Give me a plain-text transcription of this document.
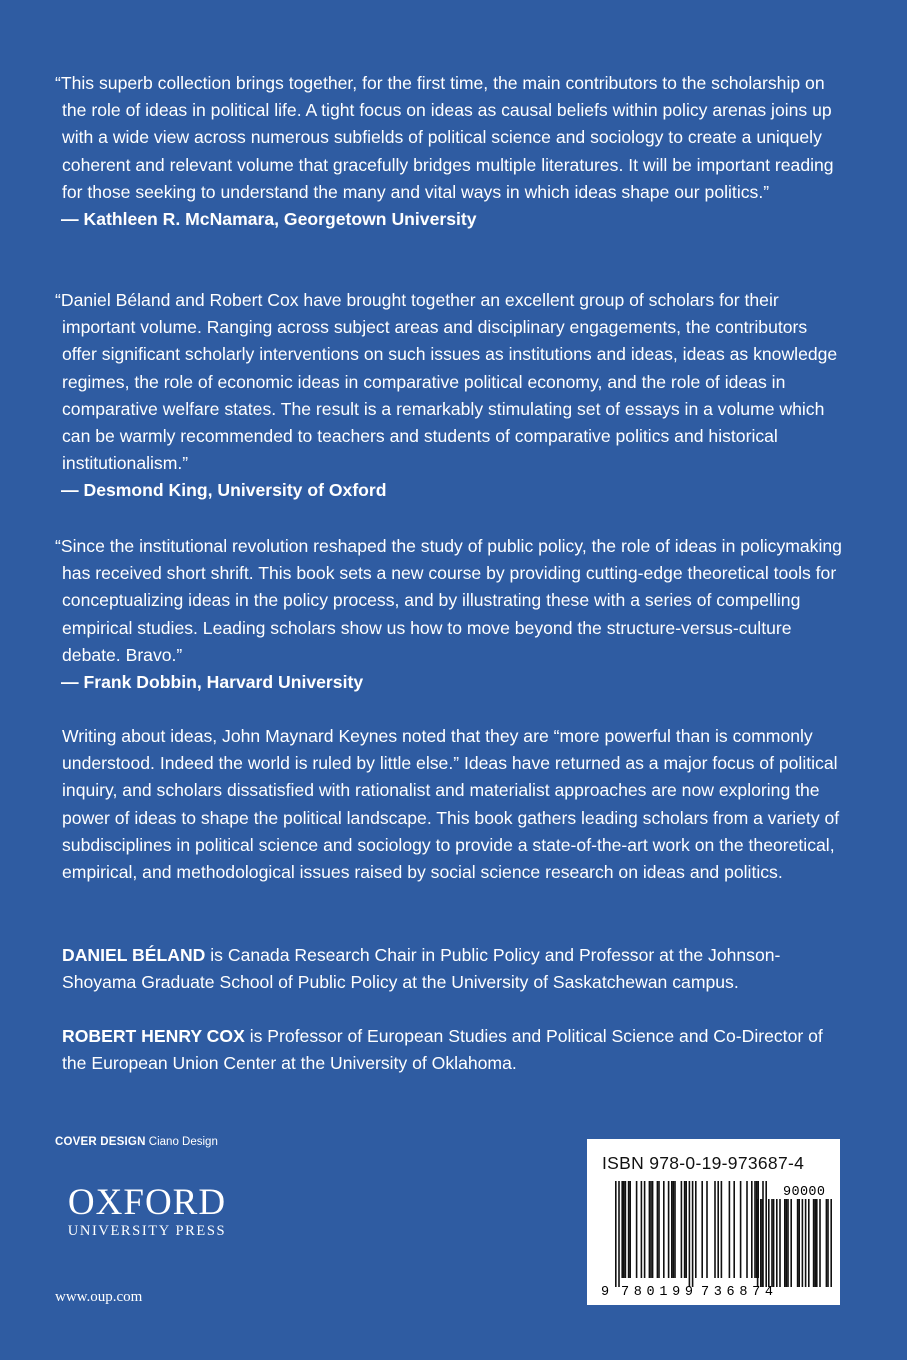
“This superb collection brings together, for the first time, the main contributors to the scholarship on the role of ideas in political life. A tight focus on ideas as causal beliefs within policy arenas joins up with a wide view across numerous subfields of political science and sociology to create a uniquely coherent and relevant volume that gracefully bridges multiple literatures. It will be important reading for those seeking to understand the many and vital ways in which ideas shape our politics.”
— Kathleen R. McNamara, Georgetown University
“Daniel Béland and Robert Cox have brought together an excellent group of scholars for their important volume. Ranging across subject areas and disciplinary engagements, the contributors offer significant scholarly interventions on such issues as institutions and ideas, ideas as knowledge regimes, the role of economic ideas in comparative political economy, and the role of ideas in comparative welfare states. The result is a remarkably stimulating set of essays in a volume which can be warmly recommended to teachers and students of comparative politics and historical institutionalism.”
— Desmond King, University of Oxford
“Since the institutional revolution reshaped the study of public policy, the role of ideas in policymaking has received short shrift. This book sets a new course by providing cutting-edge theoretical tools for conceptualizing ideas in the policy process, and by illustrating these with a series of compelling empirical studies. Leading scholars show us how to move beyond the structure-versus-culture debate. Bravo.”
— Frank Dobbin, Harvard University
Writing about ideas, John Maynard Keynes noted that they are “more powerful than is commonly understood. Indeed the world is ruled by little else.” Ideas have returned as a major focus of political inquiry, and scholars dissatisfied with rationalist and materialist approaches are now exploring the power of ideas to shape the political landscape. This book gathers leading scholars from a variety of subdisciplines in political science and sociology to provide a state-of-the-art work on the theoretical, empirical, and methodological issues raised by social science research on ideas and politics.
DANIEL BÉLAND is Canada Research Chair in Public Policy and Professor at the Johnson-Shoyama Graduate School of Public Policy at the University of Saskatchewan campus.
ROBERT HENRY COX is Professor of European Studies and Political Science and Co-Director of the European Union Center at the University of Oklahoma.
COVER DESIGN Ciano Design
OXFORD
UNIVERSITY PRESS
www.oup.com
ISBN 978-0-19-973687-4
9 780199 736874
90000
